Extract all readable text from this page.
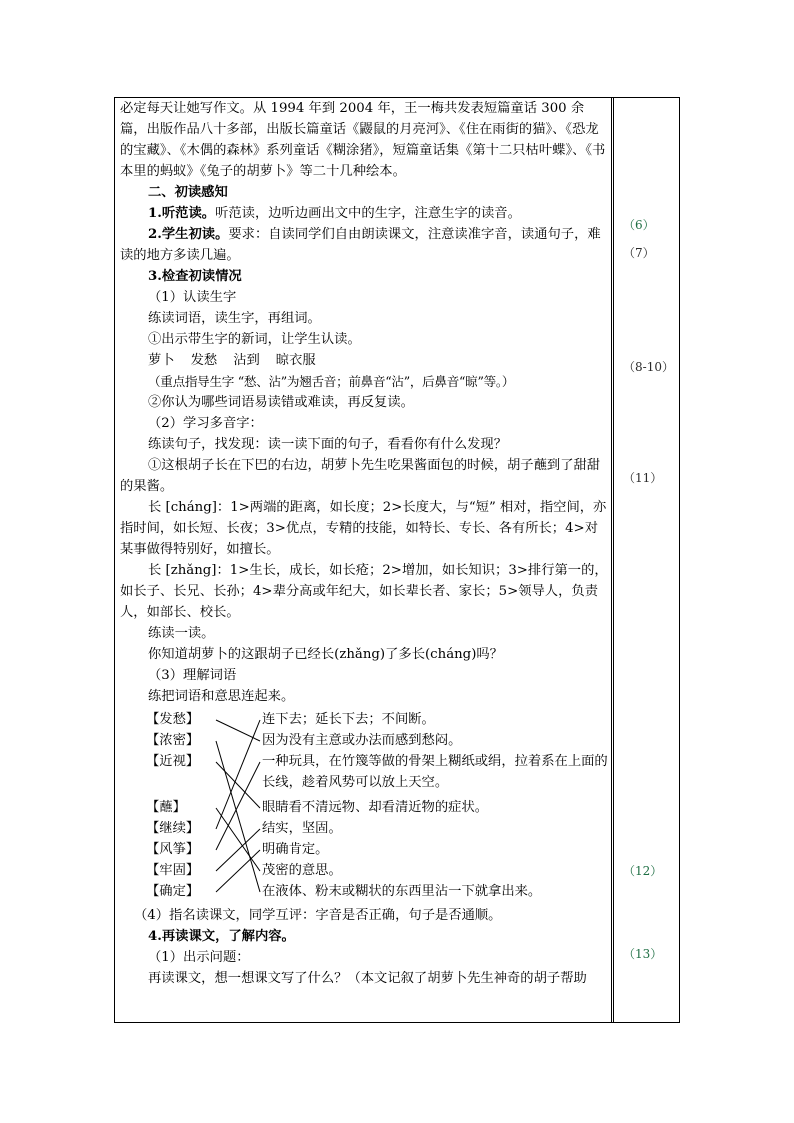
必定每天让她写作文。从 1994 年到 2004 年，王一梅共发表短篇童话 300 余篇，出版作品八十多部，出版长篇童话《鼹鼠的月亮河》、《住在雨街的猫》、《恐龙的宝藏》、《木偶的森林》系列童话《糊涂猪》，短篇童话集《第十二只枯叶蝶》、《书本里的蚂蚁》《兔子的胡萝卜》等二十几种绘本。

二、初读感知

1.听范读。听范读，边听边画出文中的生字，注意生字的读音。

2.学生初读。要求：自读同学们自由朗读课文，注意读准字音，读通句子，难读的地方多读几遍。

3.检查初读情况

（1）认读生字

练读词语，读生字，再组词。

①出示带生字的新词，让学生认读。

萝卜 发愁 沾到 晾衣服

（重点指导生字 “愁、沾”为翘舌音；前鼻音“沾”，后鼻音“晾”等。）

②你认为哪些词语易读错或难读，再反复读。

（2）学习多音字：

练读句子，找发现：读一读下面的句子，看看你有什么发现？

①这根胡子长在下巴的右边，胡萝卜先生吃果酱面包的时候，胡子蘸到了甜甜的果酱。

长 [cháng]：1>两端的距离，如长度；2>长度大，与“短” 相对，指空间，亦指时间，如长短、长夜；3>优点，专精的技能，如特长、专长、各有所长；4>对某事做得特别好，如擅长。

长 [zhǎng]：1>生长，成长，如长疮；2>增加，如长知识；3>排行第一的，如长子、长兄、长孙；4>辈分高或年纪大，如长辈长者、家长；5>领导人，负责人，如部长、校长。

练读一读。

你知道胡萝卜的这跟胡子已经长(zhǎng)了多长(cháng)吗？

（3）理解词语

练把词语和意思连起来。

【发愁】
【浓密】
【近视】
【蘸】
【继续】
【风筝】
【牢固】
【确定】
连下去；延长下去；不间断。
因为没有主意或办法而感到愁闷。
一种玩具，在竹篾等做的骨架上糊纸或绢，拉着系在上面的长线，趁着风势可以放上天空。
眼睛看不清远物、却看清近物的症状。
结实，坚固。
明确肯定。
茂密的意思。
在液体、粉末或糊状的东西里沾一下就拿出来。

（4）指名读课文，同学互评：字音是否正确，句子是否通顺。

4.再读课文，了解内容。

（1）出示问题：

再读课文，想一想课文写了什么？（本文记叙了胡萝卜先生神奇的胡子帮助

（6）
（7）
（8-10）
（11）
（12）
（13）
